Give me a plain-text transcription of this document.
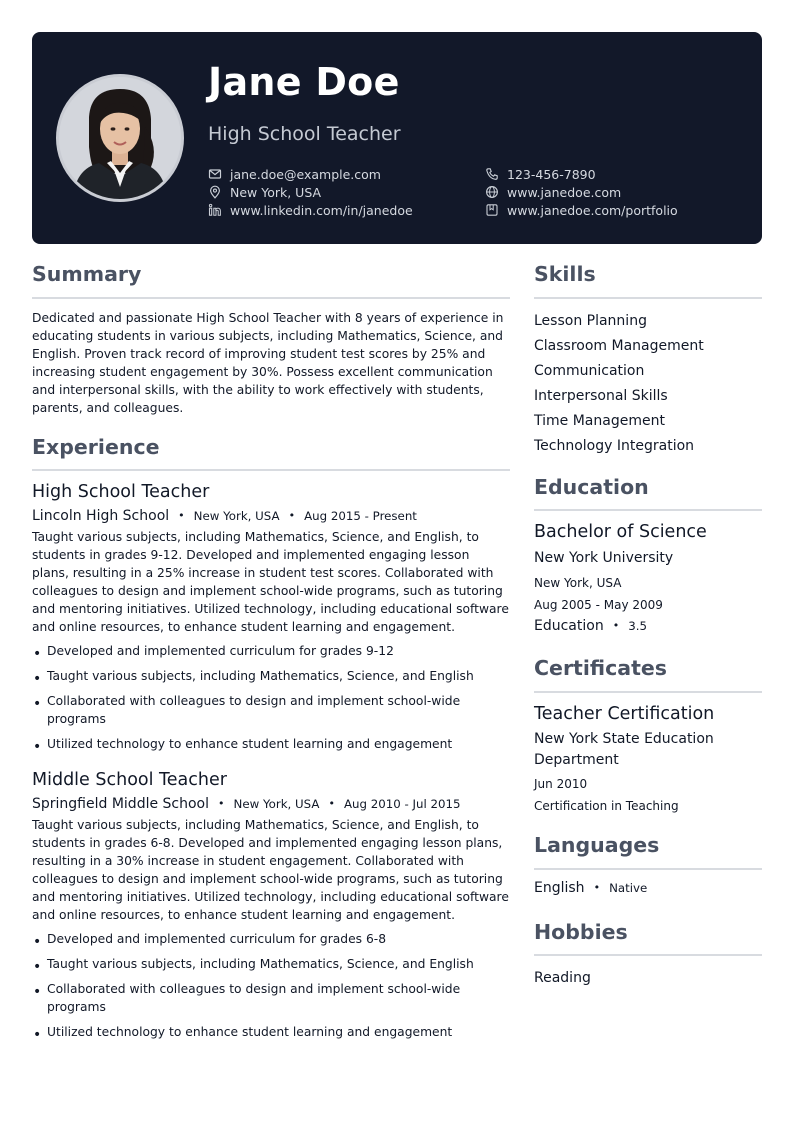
Jane Doe
High School Teacher
jane.doe@example.com	123-456-7890
New York, USA	www.janedoe.com
www.linkedin.com/in/janedoe	www.janedoe.com/portfolio
Summary
Dedicated and passionate High School Teacher with 8 years of experience in educating students in various subjects, including Mathematics, Science, and English. Proven track record of improving student test scores by 25% and increasing student engagement by 30%. Possess excellent communication and interpersonal skills, with the ability to work effectively with students, parents, and colleagues.
Experience
High School Teacher
Lincoln High School • New York, USA • Aug 2015 - Present
Taught various subjects, including Mathematics, Science, and English, to students in grades 9-12. Developed and implemented engaging lesson plans, resulting in a 25% increase in student test scores. Collaborated with colleagues to design and implement school-wide programs, such as tutoring and mentoring initiatives. Utilized technology, including educational software and online resources, to enhance student learning and engagement.
• Developed and implemented curriculum for grades 9-12
• Taught various subjects, including Mathematics, Science, and English
• Collaborated with colleagues to design and implement school-wide programs
• Utilized technology to enhance student learning and engagement
Middle School Teacher
Springfield Middle School • New York, USA • Aug 2010 - Jul 2015
Taught various subjects, including Mathematics, Science, and English, to students in grades 6-8. Developed and implemented engaging lesson plans, resulting in a 30% increase in student engagement. Collaborated with colleagues to design and implement school-wide programs, such as tutoring and mentoring initiatives. Utilized technology, including educational software and online resources, to enhance student learning and engagement.
• Developed and implemented curriculum for grades 6-8
• Taught various subjects, including Mathematics, Science, and English
• Collaborated with colleagues to design and implement school-wide programs
• Utilized technology to enhance student learning and engagement
Skills
Lesson Planning
Classroom Management
Communication
Interpersonal Skills
Time Management
Technology Integration
Education
Bachelor of Science
New York University
New York, USA
Aug 2005 - May 2009
Education • 3.5
Certificates
Teacher Certification
New York State Education Department
Jun 2010
Certification in Teaching
Languages
English • Native
Hobbies
Reading
